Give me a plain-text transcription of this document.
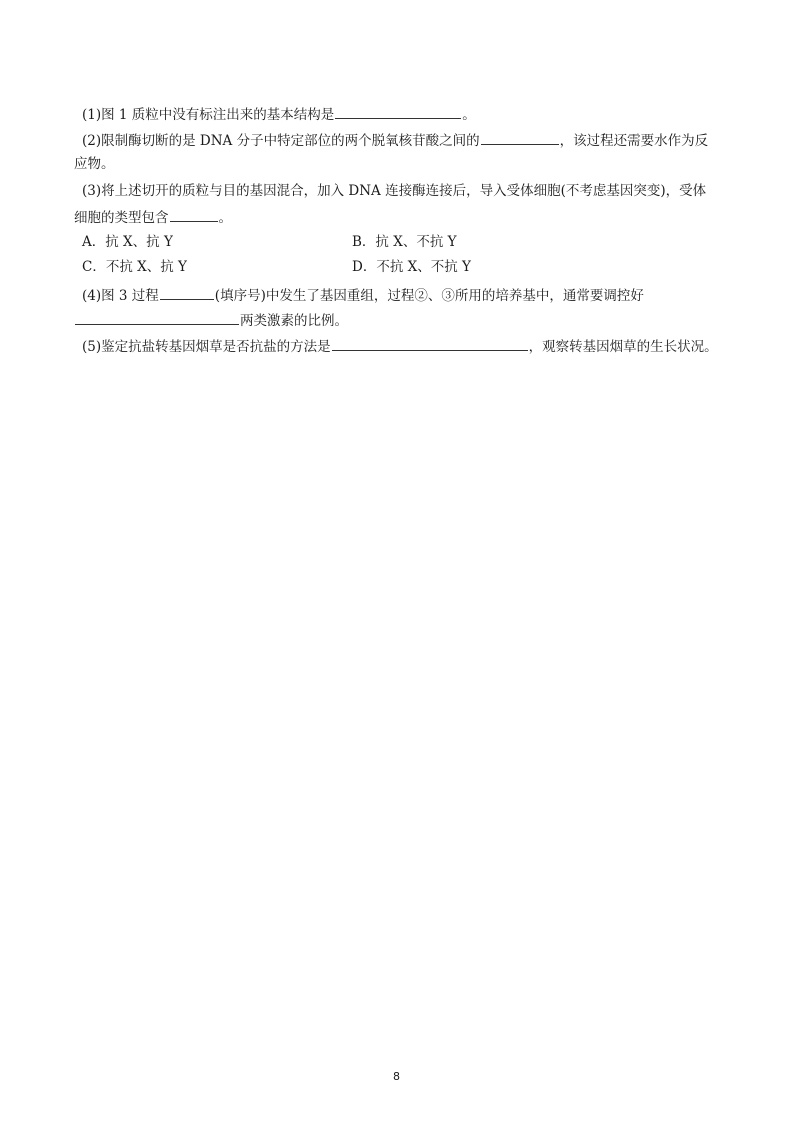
(1)图 1 质粒中没有标注出来的基本结构是	。
(2)限制酶切断的是 DNA 分子中特定部位的两个脱氧核苷酸之间的	，该过程还需要水作为反
应物。
(3)将上述切开的质粒与目的基因混合，加入 DNA 连接酶连接后，导入受体细胞(不考虑基因突变)，受体
细胞的类型包含	。
A．抗 X、抗 Y	B．抗 X、不抗 Y
C．不抗 X、抗 Y	D．不抗 X、不抗 Y
(4)图 3 过程	(填序号)中发生了基因重组，过程②、③所用的培养基中，通常要调控好
两类激素的比例。
(5)鉴定抗盐转基因烟草是否抗盐的方法是	，观察转基因烟草的生长状况。
8
